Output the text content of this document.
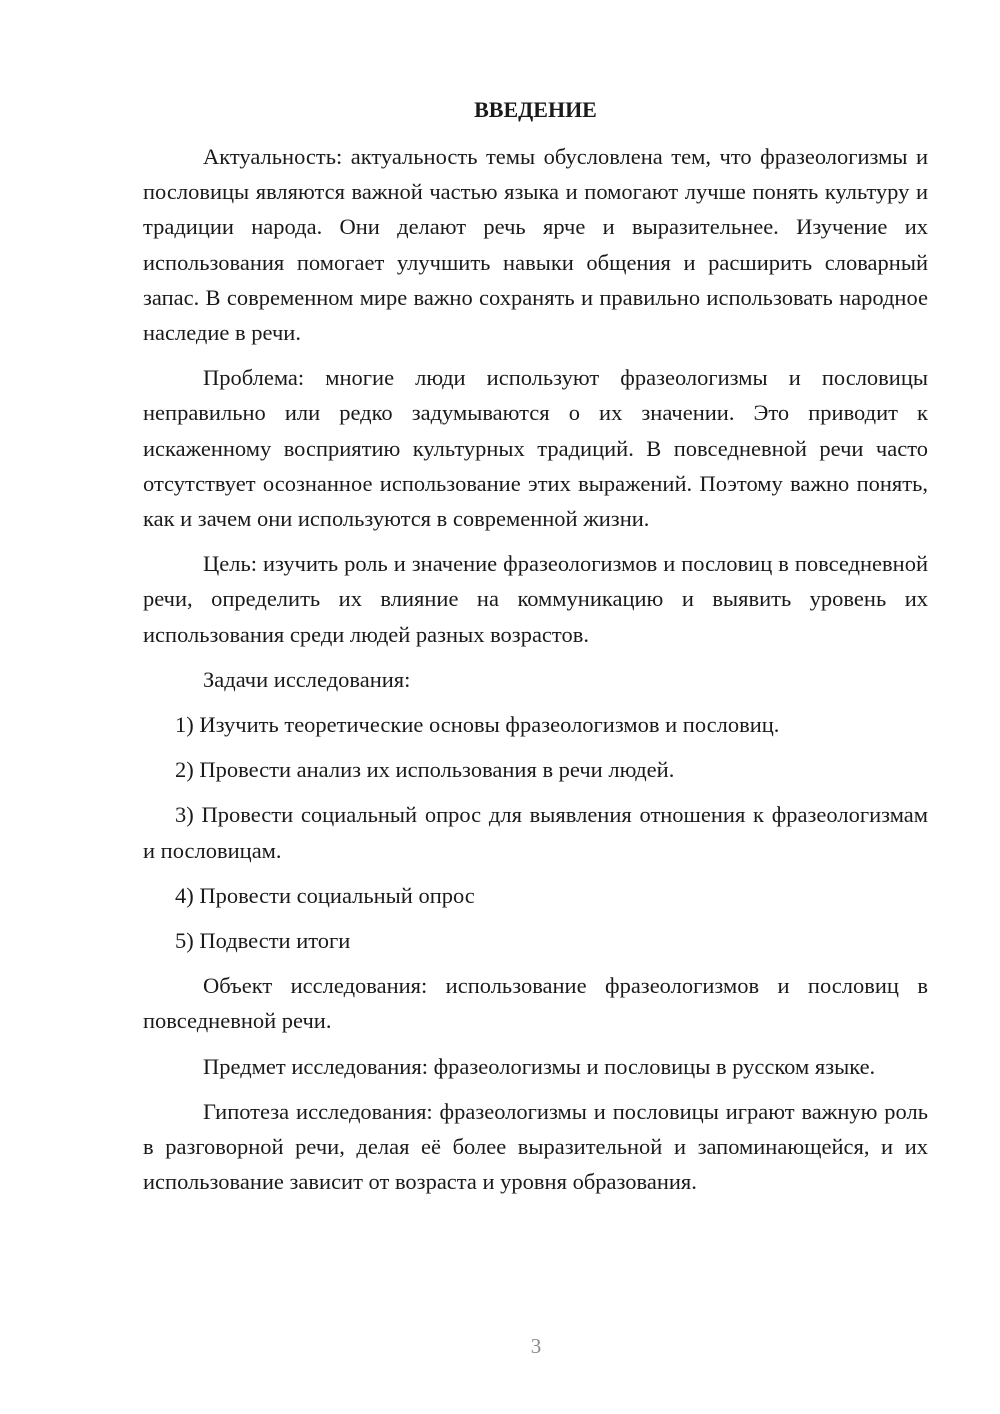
ВВЕДЕНИЕ

Актуальность: актуальность темы обусловлена тем, что фразеологизмы и пословицы являются важной частью языка и помогают лучше понять культуру и традиции народа. Они делают речь ярче и выразительнее. Изучение их использования помогает улучшить навыки общения и расширить словарный запас. В современном мире важно сохранять и правильно использовать народное наследие в речи.

Проблема: многие люди используют фразеологизмы и пословицы неправильно или редко задумываются о их значении. Это приводит к искаженному восприятию культурных традиций. В повседневной речи часто отсутствует осознанное использование этих выражений. Поэтому важно понять, как и зачем они используются в современной жизни.

Цель: изучить роль и значение фразеологизмов и пословиц в повседневной речи, определить их влияние на коммуникацию и выявить уровень их использования среди людей разных возрастов.

Задачи исследования:

1) Изучить теоретические основы фразеологизмов и пословиц.

2) Провести анализ их использования в речи людей.

3) Провести социальный опрос для выявления отношения к фразеологизмам и пословицам.

4) Провести социальный опрос

5) Подвести итоги

Объект исследования: использование фразеологизмов и пословиц в повседневной речи.

Предмет исследования: фразеологизмы и пословицы в русском языке.

Гипотеза исследования: фразеологизмы и пословицы играют важную роль в разговорной речи, делая её более выразительной и запоминающейся, и их использование зависит от возраста и уровня образования.

3
